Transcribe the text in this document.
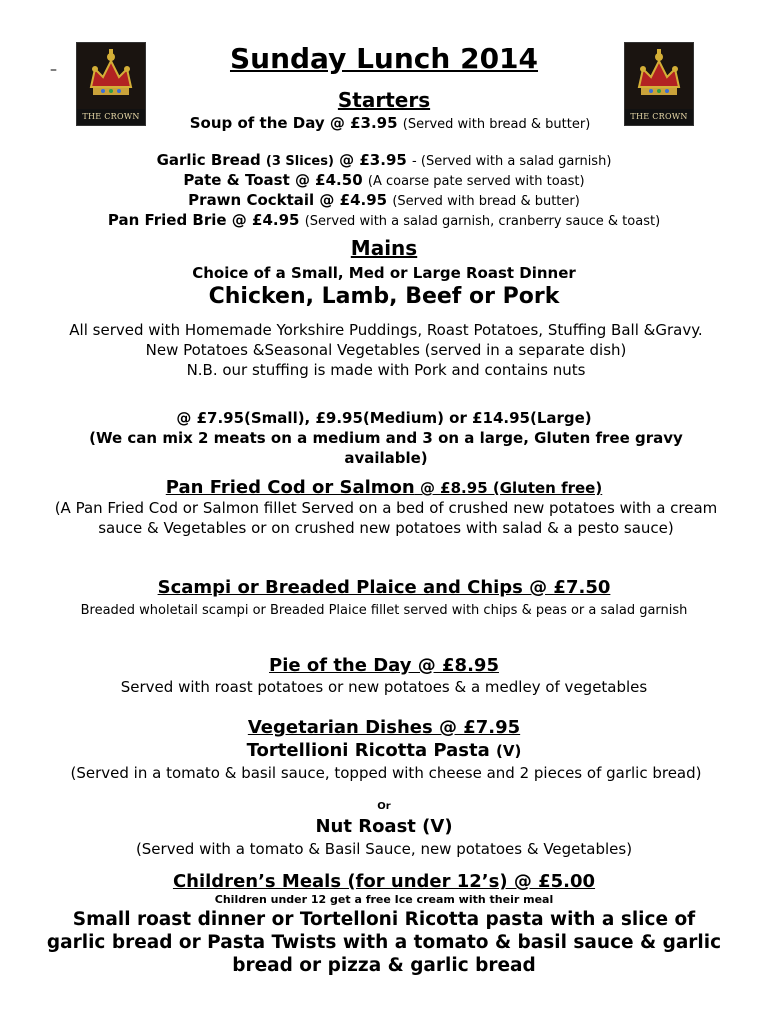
–
THE CROWN	THE CROWN
Sunday Lunch 2014
Starters
Soup of the Day @ £3.95 (Served with bread & butter)
Garlic Bread (3 Slices) @ £3.95 - (Served with a salad garnish)
Pate & Toast @ £4.50 (A coarse pate served with toast)
Prawn Cocktail @ £4.95 (Served with bread & butter)
Pan Fried Brie @ £4.95 (Served with a salad garnish, cranberry sauce & toast)
Mains
Choice of a Small, Med or Large Roast Dinner
Chicken, Lamb, Beef or Pork
All served with Homemade Yorkshire Puddings, Roast Potatoes, Stuffing Ball &Gravy.
New Potatoes &Seasonal Vegetables (served in a separate dish)
N.B. our stuffing is made with Pork and contains nuts
@ £7.95(Small), £9.95(Medium) or £14.95(Large)
(We can mix 2 meats on a medium and 3 on a large, Gluten free gravy available)
Pan Fried Cod or Salmon @ £8.95 (Gluten free)
(A Pan Fried Cod or Salmon fillet Served on a bed of crushed new potatoes with a cream sauce & Vegetables or on crushed new potatoes with salad & a pesto sauce)
Scampi or Breaded Plaice and Chips @ £7.50
Breaded wholetail scampi or Breaded Plaice fillet served with chips & peas or a salad garnish
Pie of the Day @ £8.95
Served with roast potatoes or new potatoes & a medley of vegetables
Vegetarian Dishes @ £7.95
Tortellioni Ricotta Pasta (V)
(Served in a tomato & basil sauce, topped with cheese and 2 pieces of garlic bread)
Or
Nut Roast (V)
(Served with a tomato & Basil Sauce, new potatoes & Vegetables)
Children’s Meals (for under 12’s) @ £5.00
Children under 12 get a free Ice cream with their meal
Small roast dinner or Tortelloni Ricotta pasta with a slice of garlic bread or Pasta Twists with a tomato & basil sauce & garlic bread or pizza & garlic bread
